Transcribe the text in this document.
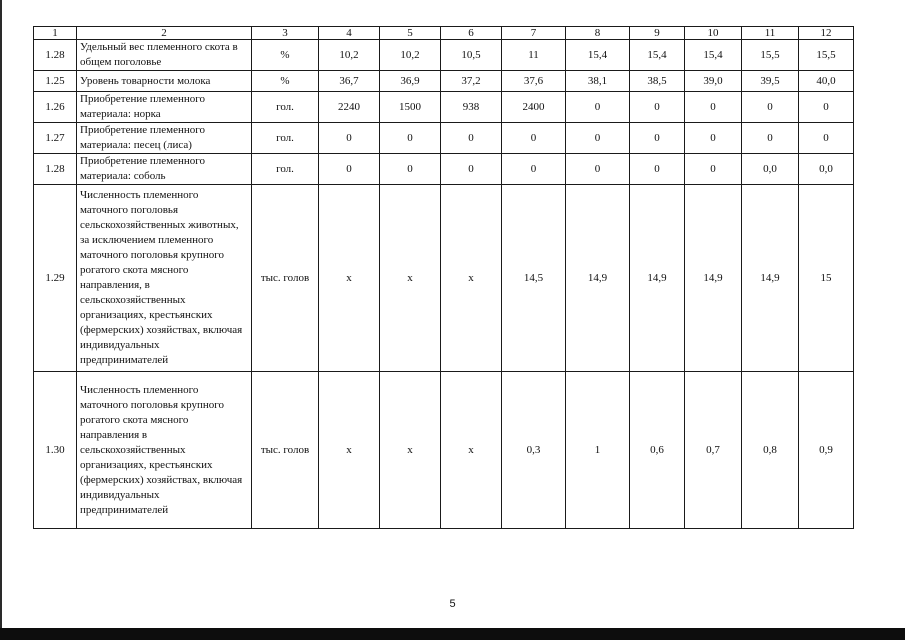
1	2	3	4	5	6	7	8	9	10	11	12
1.28	Удельный вес племенного скота в общем поголовье	%	10,2	10,2	10,5	11	15,4	15,4	15,4	15,5	15,5
1.25	Уровень товарности молока	%	36,7	36,9	37,2	37,6	38,1	38,5	39,0	39,5	40,0
1.26	Приобретение племенного материала: норка	гол.	2240	1500	938	2400	0	0	0	0	0
1.27	Приобретение племенного материала: песец (лиса)	гол.	0	0	0	0	0	0	0	0	0
1.28	Приобретение племенного материала: соболь	гол.	0	0	0	0	0	0	0	0,0	0,0
1.29	Численность племенного маточного поголовья сельскохозяйственных животных, за исключением племенного маточного поголовья крупного рогатого скота мясного направления, в сельскохозяйственных организациях, крестьянских (фермерских) хозяйствах, включая индивидуальных предпринимателей	тыс. голов	х	х	х	14,5	14,9	14,9	14,9	14,9	15
1.30	Численность племенного маточного поголовья крупного рогатого скота мясного направления в сельскохозяйственных организациях, крестьянских (фермерских) хозяйствах, включая индивидуальных предпринимателей	тыс. голов	х	х	х	0,3	1	0,6	0,7	0,8	0,9
5
